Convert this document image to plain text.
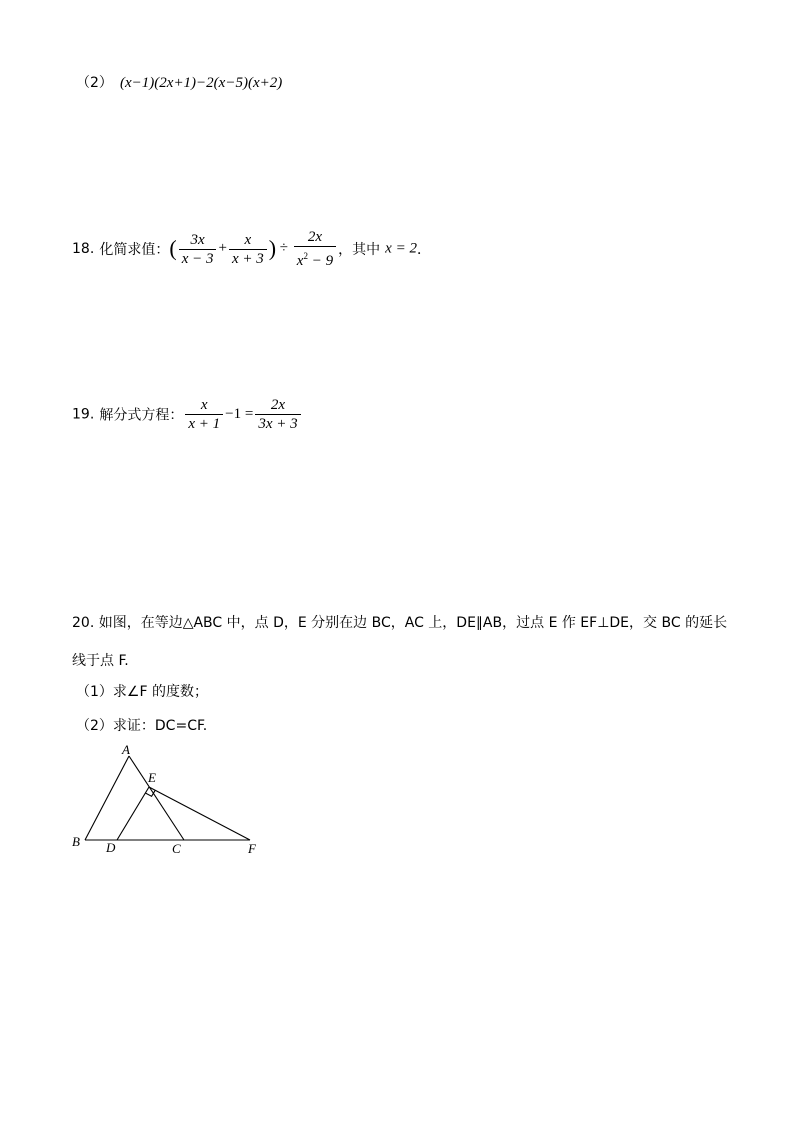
（2） (x−1)(2x+1)−2(x−5)(x+2)
18. 化简求值：( $\frac{3x}{x - 3} + \frac{x}{x + 3}$ ) ÷ $\frac{2x}{x^2 - 9}$ ，其中 x = 2．
19. 解分式方程： $\frac{x}{x + 1} -1 = \frac{2x}{3x + 3}$
20. 如图，在等边△ABC 中，点 D，E 分别在边 BC，AC 上，DE∥AB，过点 E 作 EF⊥DE，交 BC 的延长
线于点 F.
（1）求∠F 的度数；
（2）求证：DC=CF.
A
E
B D	C	F
